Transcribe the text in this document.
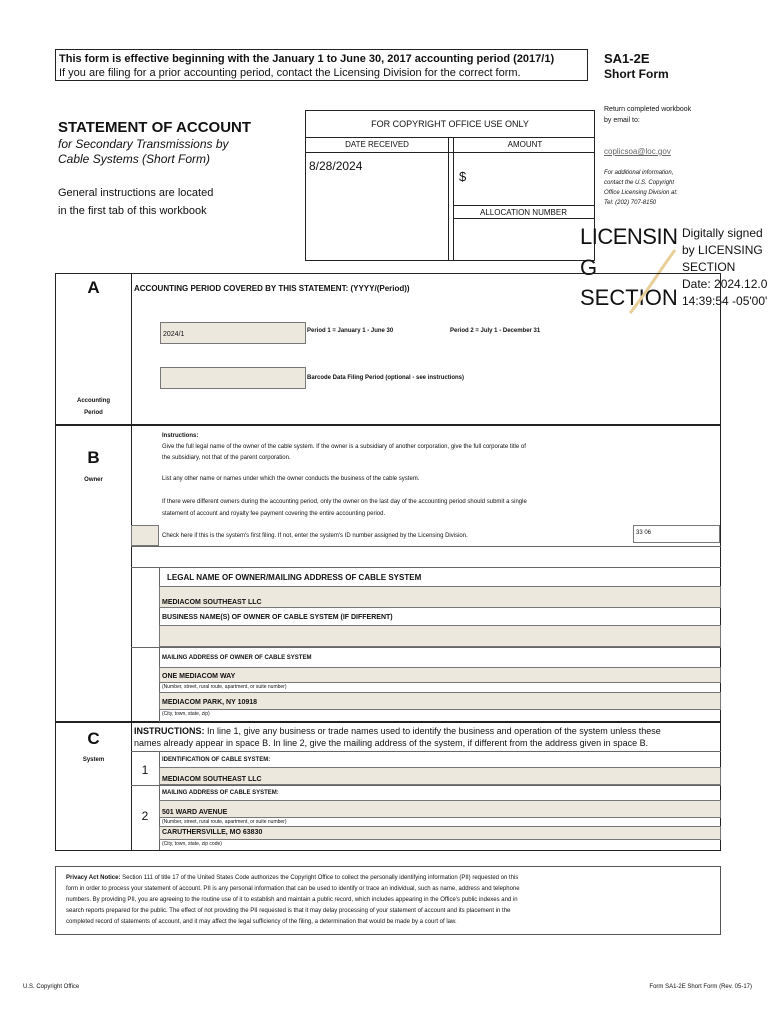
This form is effective beginning with the January 1 to June 30, 2017 accounting period (2017/1)
If you are filing for a prior accounting period, contact the Licensing Division for the correct form.
SA1-2E
Short Form
STATEMENT OF ACCOUNT
for Secondary Transmissions by
Cable Systems (Short Form)
General instructions are located
in the first tab of this workbook
FOR COPYRIGHT OFFICE USE ONLY
DATE RECEIVED	AMOUNT
8/28/2024
$
ALLOCATION NUMBER
Return completed workbook
by email to:
coplicsoa@loc.gov
For additional information,
contact the U.S. Copyright
Office Licensing Division at:
Tel: (202) 707-8150
LICENSIN
G
SECTION
Digitally signed
by LICENSING
SECTION
Date: 2024.12.0
14:39:54 -05'00'
A	ACCOUNTING PERIOD COVERED BY THIS STATEMENT: (YYYY/(Period))
2024/1	Period 1 = January 1 - June 30	Period 2 = July 1 - December 31
Barcode Data Filing Period (optional - see instructions)
Accounting
Period
B
Owner
Instructions:
Give the full legal name of the owner of the cable system. If the owner is a subsidiary of another corporation, give the full corporate title of
the subsidiary, not that of the parent corporation.
List any other name or names under which the owner conducts the business of the cable system.
If there were different owners during the accounting period, only the owner on the last day of the accounting period should submit a single
statement of account and royalty fee payment covering the entire accounting period.
Check here if this is the system's first filing. If not, enter the system's ID number assigned by the Licensing Division.	33 06
LEGAL NAME OF OWNER/MAILING ADDRESS OF CABLE SYSTEM
MEDIACOM SOUTHEAST LLC
BUSINESS NAME(S) OF OWNER OF CABLE SYSTEM (IF DIFFERENT)
MAILING ADDRESS OF OWNER OF CABLE SYSTEM
ONE MEDIACOM WAY
(Number, street, rural route, apartment, or suite number)
MEDIACOM PARK, NY 10918
(City, town, state, zip)
C
System
INSTRUCTIONS: In line 1, give any business or trade names used to identify the business and operation of the system unless these
names already appear in space B. In line 2, give the mailing address of the system, if different from the address given in space B.
1
IDENTIFICATION OF CABLE SYSTEM:
MEDIACOM SOUTHEAST LLC
MAILING ADDRESS OF CABLE SYSTEM:
2	501 WARD AVENUE
(Number, street, rural route, apartment, or suite number)
CARUTHERSVILLE, MO 63830
(City, town, state, zip code)
Privacy Act Notice: Section 111 of title 17 of the United States Code authorizes the Copyright Office to collect the personally identifying information (PII) requested on this
form in order to process your statement of account. PII is any personal information that can be used to identify or trace an individual, such as name, address and telephone
numbers. By providing PII, you are agreeing to the routine use of it to establish and maintain a public record, which includes appearing in the Office's public indexes and in
search reports prepared for the public. The effect of not providing the PII requested is that it may delay processing of your statement of account and its placement in the
completed record of statements of account, and it may affect the legal sufficiency of the filing, a determination that would be made by a court of law.
U.S. Copyright Office	Form SA1-2E Short Form (Rev. 05-17)
